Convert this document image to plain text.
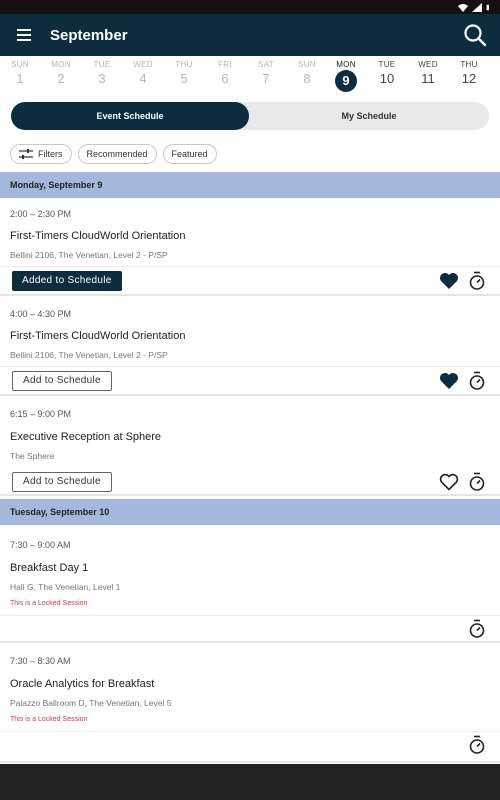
September
SUN
1
MON
2
TUE
3
WED
4
THU
5
FRI
6
SAT
7
SUN
8
MON
9
TUE
10
WED
11
THU
12
Event Schedule	My Schedule
Filters	Recommended	Featured
Monday, September 9
2:00 – 2:30 PM
First-Timers CloudWorld Orientation
Bellini 2106, The Venetian, Level 2 - P/SP
Added to Schedule
4:00 – 4:30 PM
First-Timers CloudWorld Orientation
Bellini 2106, The Venetian, Level 2 - P/SP
Add to Schedule
6:15 – 9:00 PM
Executive Reception at Sphere
The Sphere
Add to Schedule
Tuesday, September 10
7:30 – 9:00 AM
Breakfast Day 1
Hall G, The Venetian, Level 1
This is a Locked Session
7:30 – 8:30 AM
Oracle Analytics for Breakfast
Palazzo Ballroom D, The Venetian, Level 5
This is a Locked Session
